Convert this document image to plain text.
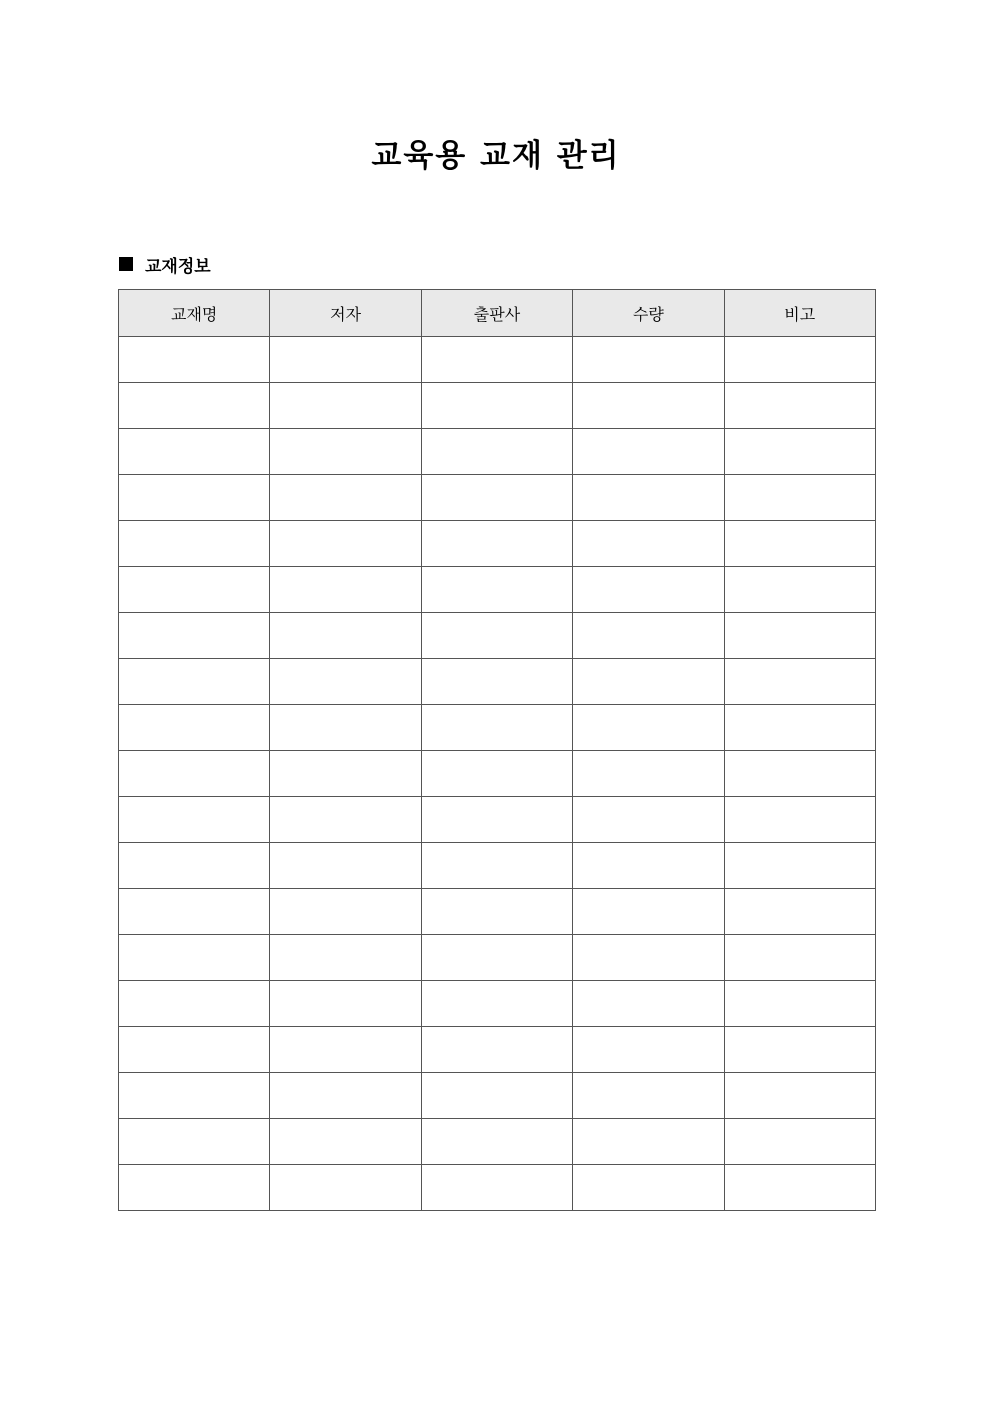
교육용 교재 관리
교재정보
교재명	저자	출판사	수량	비고
